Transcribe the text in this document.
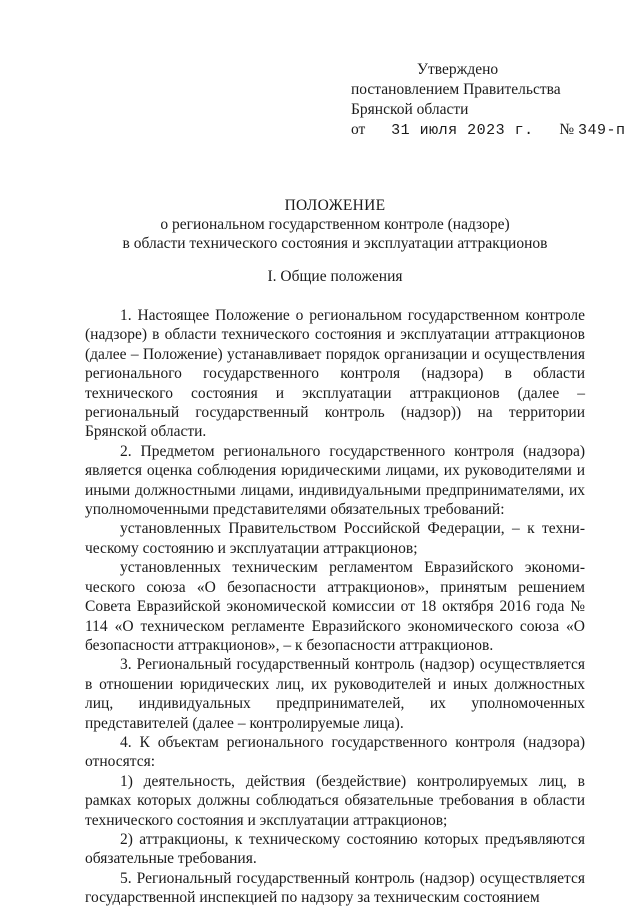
Утверждено
постановлением Правительства
Брянской области
от 31 июля 2023 г. № 349-п
ПОЛОЖЕНИЕ
о региональном государственном контроле (надзоре)
в области технического состояния и эксплуатации аттракционов
I. Общие положения

1. Настоящее Положение о региональном государственном контроле (надзоре) в области технического состояния и эксплуатации аттракционов (далее – Положение) устанавливает порядок организации и осуществления регионального государственного контроля (надзора) в области технического состояния и эксплуатации аттракционов (далее – региональный государственный контроль (надзор)) на территории Брянской области.

2. Предметом регионального государственного контроля (надзора) является оценка соблюдения юридическими лицами, их руководителями и иными должностными лицами, индивидуальными предпринимателями, их уполномоченными представителями обязательных требований:

установленных Правительством Российской Федерации, – к техническому состоянию и эксплуатации аттракционов;

установленных техническим регламентом Евразийского экономического союза «О безопасности аттракционов», принятым решением Совета Евразийской экономической комиссии от 18 октября 2016 года № 114 «О техническом регламенте Евразийского экономического союза «О безопасности аттракционов», – к безопасности аттракционов.

3. Региональный государственный контроль (надзор) осуществляется в отношении юридических лиц, их руководителей и иных должностных лиц, индивидуальных предпринимателей, их уполномоченных представителей (далее – контролируемые лица).

4. К объектам регионального государственного контроля (надзора) относятся:

1) деятельность, действия (бездействие) контролируемых лиц, в рамках которых должны соблюдаться обязательные требования в области технического состояния и эксплуатации аттракционов;

2) аттракционы, к техническому состоянию которых предъявляются обязательные требования.

5. Региональный государственный контроль (надзор) осуществляется государственной инспекцией по надзору за техническим состоянием
